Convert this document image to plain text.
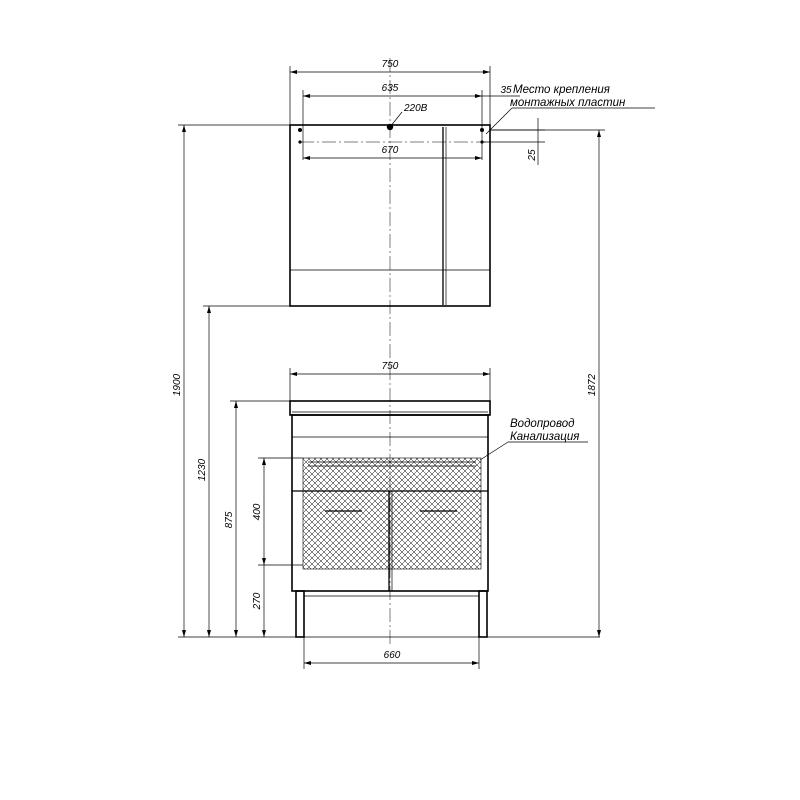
750
635	35
220B
670	25
Место крепления
монтажных пластин
750
660
Водопровод
Канализация
1900
1230
875 400
270
1872
